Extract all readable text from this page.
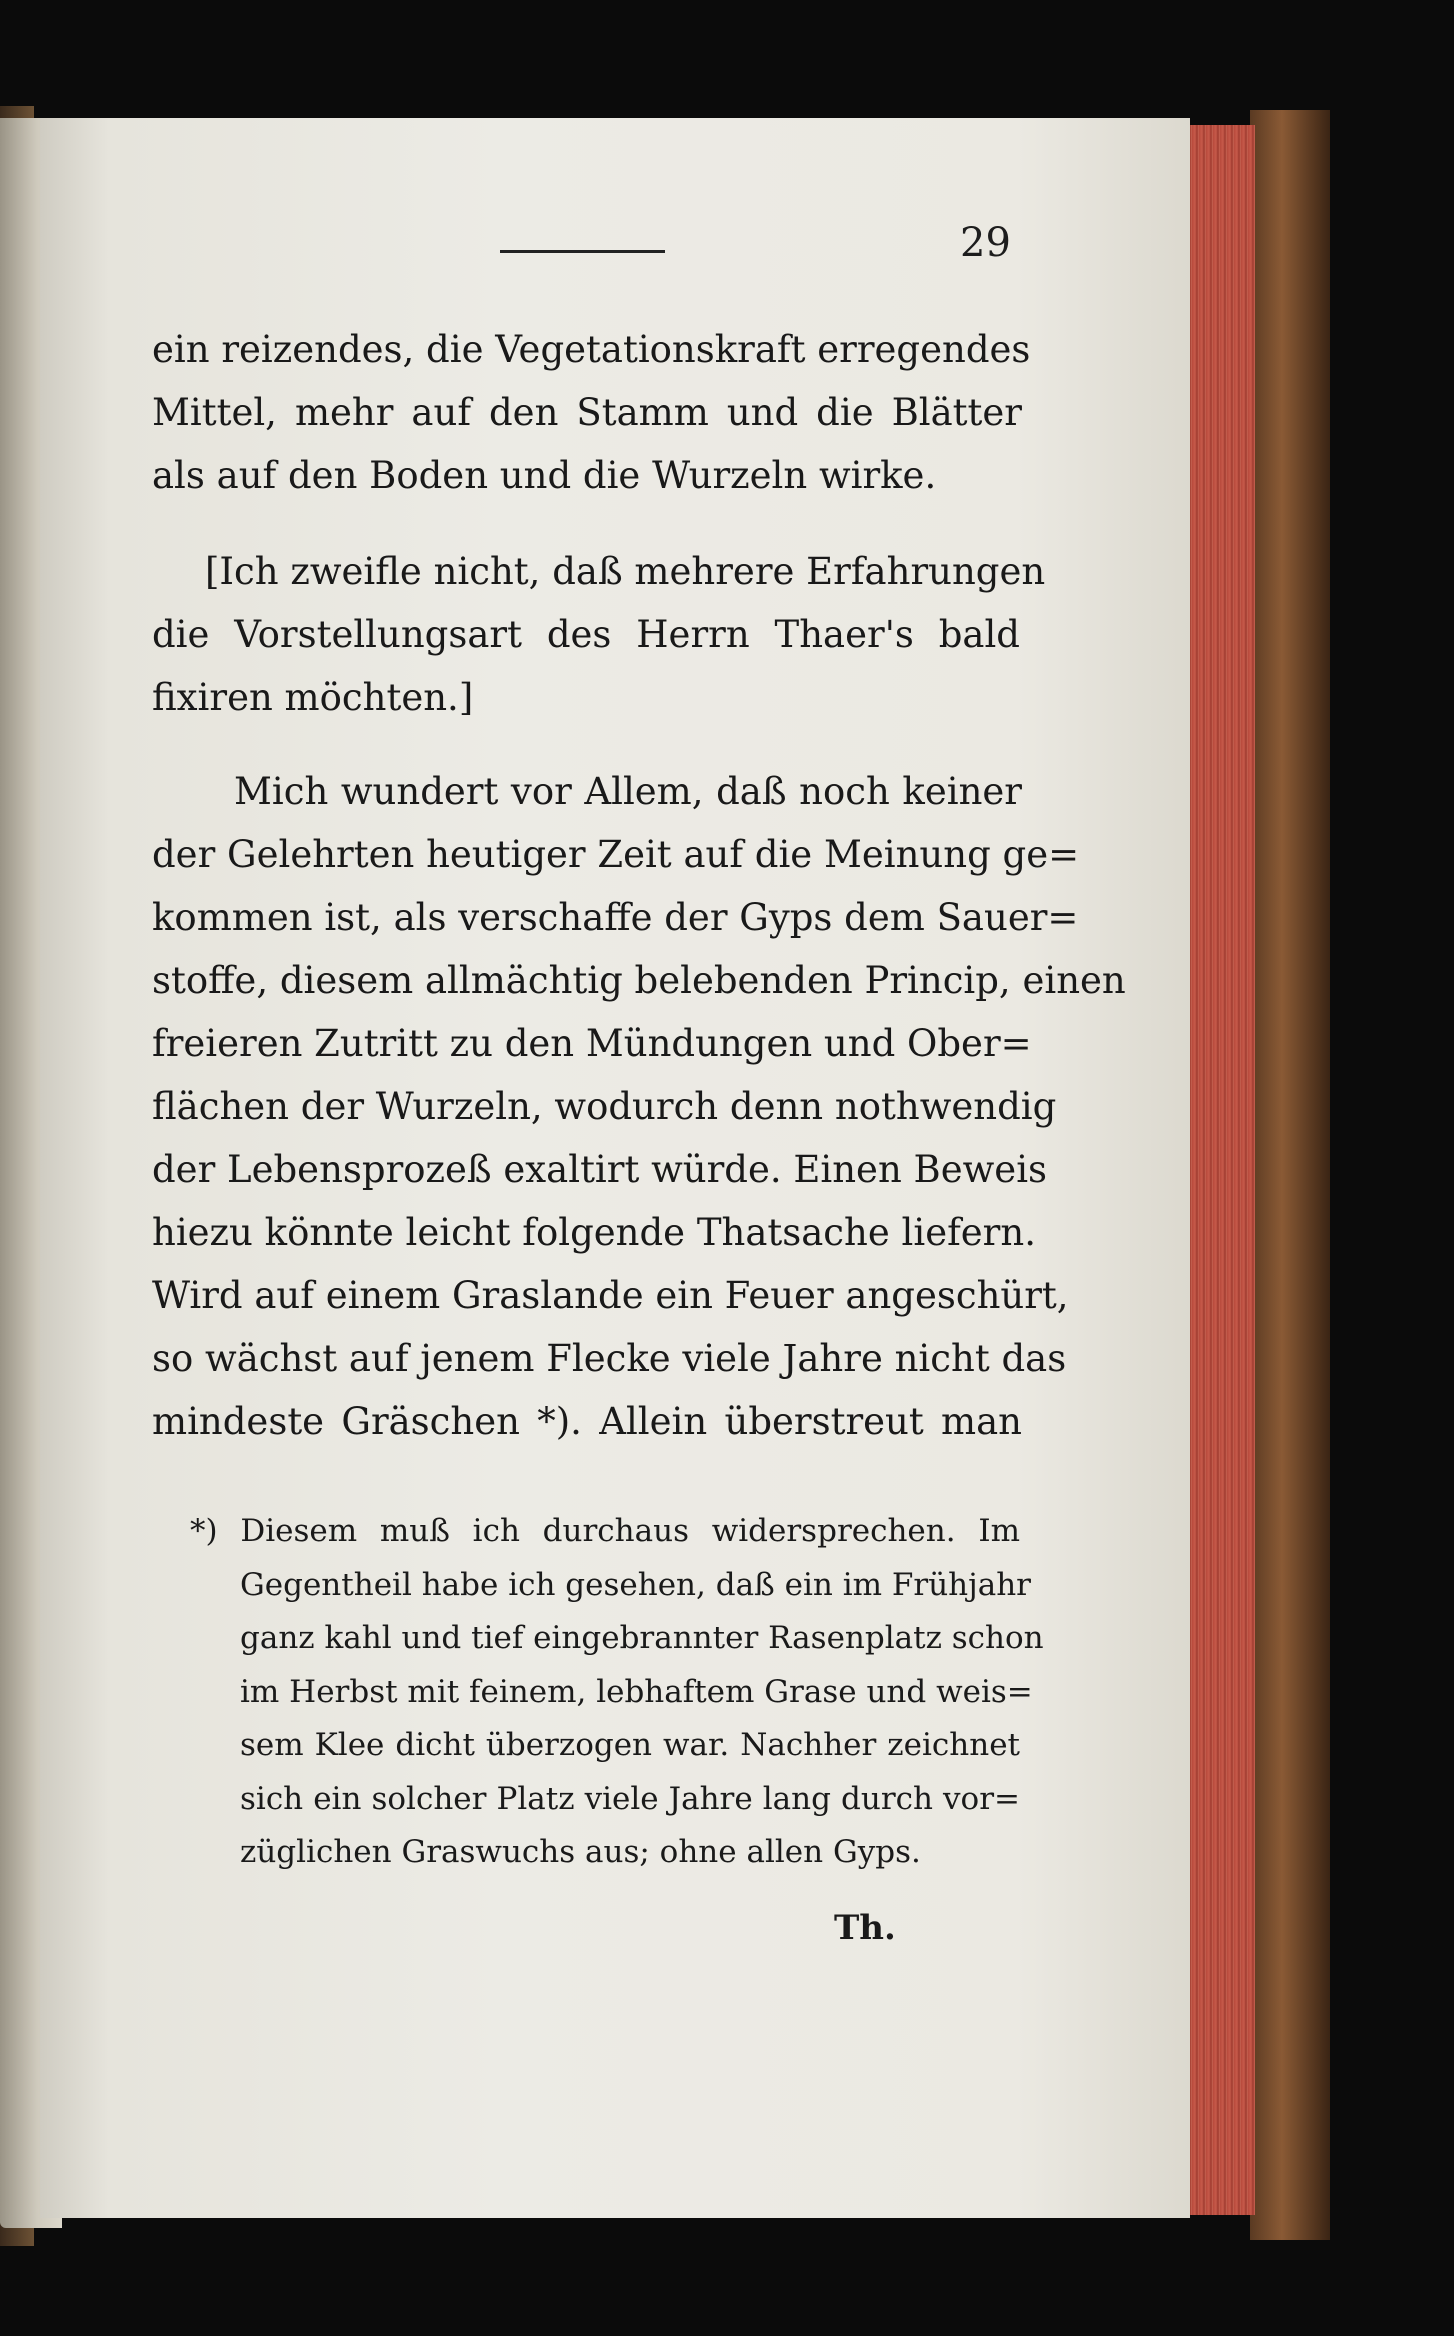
29
ein reizendes, die Vegetationskraft erregendes
Mittel, mehr auf den Stamm und die Blätter
als auf den Boden und die Wurzeln wirke.
[Ich zweifle nicht, daß mehrere Erfahrungen
die Vorstellungsart des Herrn Thaer's bald
fixiren möchten.]
Mich wundert vor Allem, daß noch keiner
der Gelehrten heutiger Zeit auf die Meinung ge=
kommen ist, als verschaffe der Gyps dem Sauer=
stoffe, diesem allmächtig belebenden Princip, einen
freieren Zutritt zu den Mündungen und Ober=
flächen der Wurzeln, wodurch denn nothwendig
der Lebensprozeß exaltirt würde. Einen Beweis
hiezu könnte leicht folgende Thatsache liefern.
Wird auf einem Graslande ein Feuer angeschürt,
so wächst auf jenem Flecke viele Jahre nicht das
mindeste Gräschen *). Allein überstreut man
*) Diesem muß ich durchaus widersprechen. Im
Gegentheil habe ich gesehen, daß ein im Frühjahr
ganz kahl und tief eingebrannter Rasenplatz schon
im Herbst mit feinem, lebhaftem Grase und weis=
sem Klee dicht überzogen war. Nachher zeichnet
sich ein solcher Platz viele Jahre lang durch vor=
züglichen Graswuchs aus; ohne allen Gyps.
Th.
